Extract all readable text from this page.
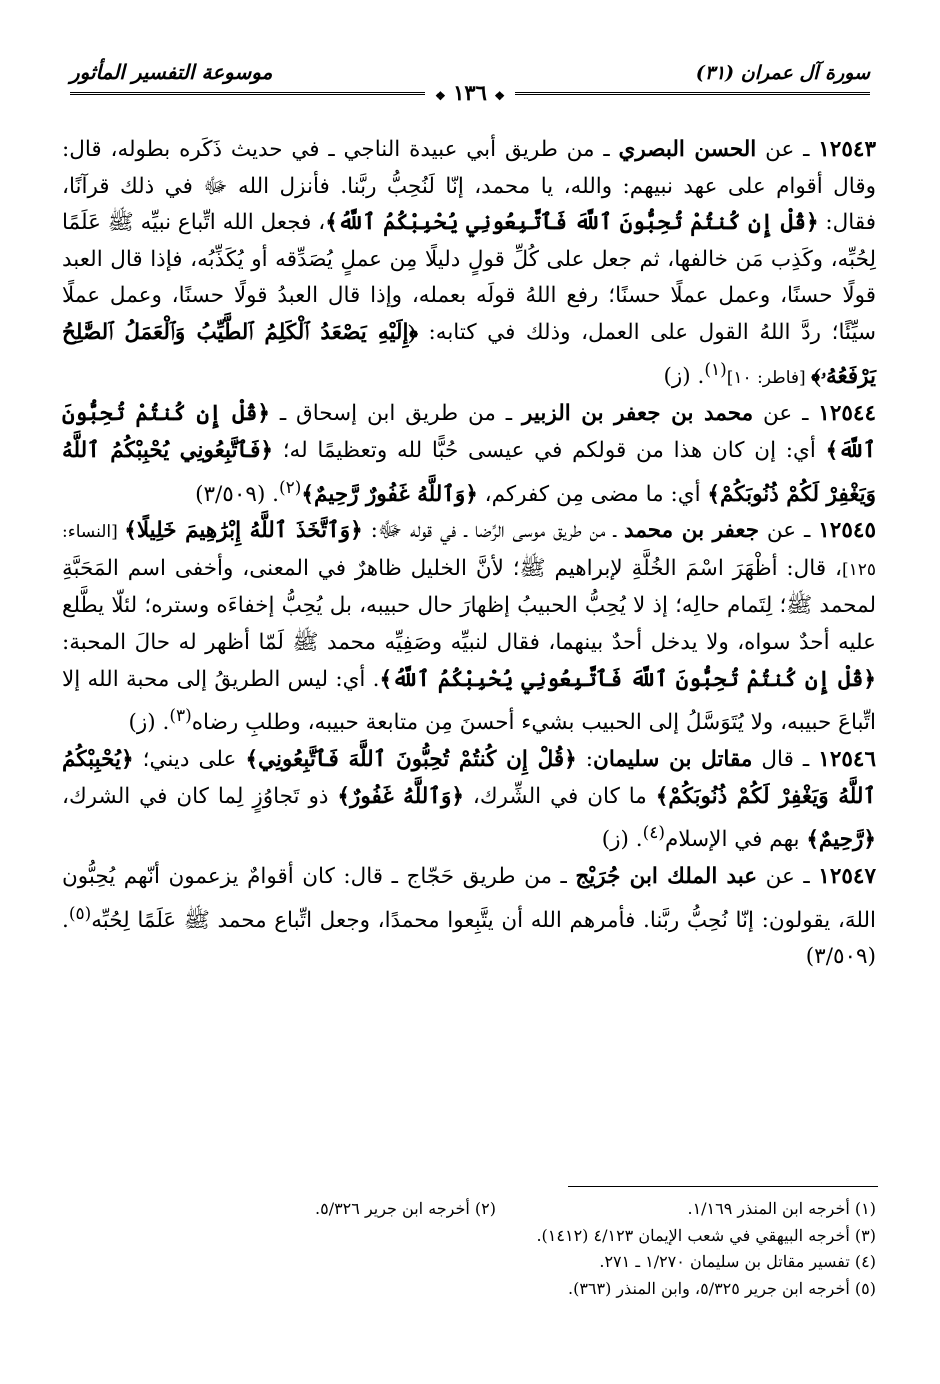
سورة آل عمران (٣١)
موسوعة التفسير المأثور
❖ ١٣٦ ❖

١٢٥٤٣ ـ عن الحسن البصري ـ من طريق أبي عبيدة الناجي ـ في حديث ذَكَره بطوله، قال: وقال أقوام على عهد نبيهم: والله، يا محمد، إنّا لَنُحِبُّ ربَّنا. فأنزل الله ﷻ في ذلك قرآنًا، فقال: ﴿قُلْ إِن كُنتُمْ تُحِبُّونَ ٱللَّهَ فَٱتَّبِعُونِي يُحْبِبْكُمُ ٱللَّهُ﴾، فجعل الله اتِّباع نبيِّه ﷺ عَلَمًا لِحُبِّه، وكَذِب مَن خالفها، ثم جعل على كُلِّ قولٍ دليلًا مِن عملٍ يُصَدِّقه أو يُكَذِّبُه، فإذا قال العبد قولًا حسنًا، وعمل عملًا حسنًا؛ رفع اللهُ قولَه بعمله، وإذا قال العبدُ قولًا حسنًا، وعمل عملًا سيِّئًا؛ ردَّ اللهُ القول على العمل، وذلك في كتابه: ﴿إِلَيْهِ يَصْعَدُ ٱلْكَلِمُ ٱلطَّيِّبُ وَٱلْعَمَلُ ٱلصَّٰلِحُ يَرْفَعُهُۥ﴾ [فاطر: ١٠]$^{(١)}$. (ز)

١٢٥٤٤ ـ عن محمد بن جعفر بن الزبير ـ من طريق ابن إسحاق ـ ﴿قُلْ إِن كُنتُمْ تُحِبُّونَ ٱللَّهَ﴾ أي: إن كان هذا من قولكم في عيسى حُبًّا لله وتعظيمًا له؛ ﴿فَٱتَّبِعُونِي يُحْبِبْكُمُ ٱللَّهُ وَيَغْفِرْ لَكُمْ ذُنُوبَكُمْ﴾ أي: ما مضى مِن كفركم، ﴿وَٱللَّهُ غَفُورٌ رَّحِيمٌ﴾$^{(٢)}$. (٣/٥٠٩)

١٢٥٤٥ ـ عن جعفر بن محمد ـ من طريق موسى الرِّضا ـ في قوله ﷻ: ﴿وَٱتَّخَذَ ٱللَّهُ إِبْرَٰهِيمَ خَلِيلًا﴾ [النساء: ١٢٥]، قال: أظْهَرَ اسْمَ الخُلَّةِ لإبراهيم ﷺ؛ لأنَّ الخليل ظاهرٌ في المعنى، وأخفى اسم المَحَبَّةِ لمحمد ﷺ؛ لِتَمام حالِه؛ إذ لا يُحِبُّ الحبيبُ إظهارَ حال حبيبه، بل يُحِبُّ إخفاءَه وستره؛ لئلّا يطَّلع عليه أحدٌ سواه، ولا يدخل أحدٌ بينهما، فقال لنبيِّه وصَفِيِّه محمد ﷺ لَمّا أظهر له حالَ المحبة: ﴿قُلْ إِن كُنتُمْ تُحِبُّونَ ٱللَّهَ فَٱتَّبِعُونِي يُحْبِبْكُمُ ٱللَّهُ﴾. أي: ليس الطريقُ إلى محبة الله إلا اتِّباعَ حبيبه، ولا يُتَوَسَّلُ إلى الحبيب بشيء أحسنَ مِن متابعة حبيبه، وطلبِ رضاه$^{(٣)}$. (ز)

١٢٥٤٦ ـ قال مقاتل بن سليمان: ﴿قُلْ إِن كُنتُمْ تُحِبُّونَ ٱللَّهَ فَٱتَّبِعُونِي﴾ على ديني؛ ﴿يُحْبِبْكُمُ ٱللَّهُ وَيَغْفِرْ لَكُمْ ذُنُوبَكُمْ﴾ ما كان في الشِّرك، ﴿وَٱللَّهُ غَفُورٌ﴾ ذو تَجاوُزٍ لِما كان في الشرك، ﴿رَّحِيمٌ﴾ بهم في الإسلام$^{(٤)}$. (ز)

١٢٥٤٧ ـ عن عبد الملك ابن جُرَيْج ـ من طريق حَجّاج ـ قال: كان أقوامٌ يزعمون أنّهم يُحِبُّون اللهَ، يقولون: إنّا نُحِبُّ ربَّنا. فأمرهم الله أن يتَّبِعوا محمدًا، وجعل اتِّباع محمد ﷺ عَلَمًا لِحُبِّه$^{(٥)}$. (٣/٥٠٩)

(١) أخرجه ابن المنذر ١/١٦٩.
(٢) أخرجه ابن جرير ٥/٣٢٦.
(٣) أخرجه البيهقي في شعب الإيمان ٤/١٢٣ (١٤١٢).
(٤) تفسير مقاتل بن سليمان ١/٢٧٠ ـ ٢٧١.
(٥) أخرجه ابن جرير ٥/٣٢٥، وابن المنذر (٣٦٣).
